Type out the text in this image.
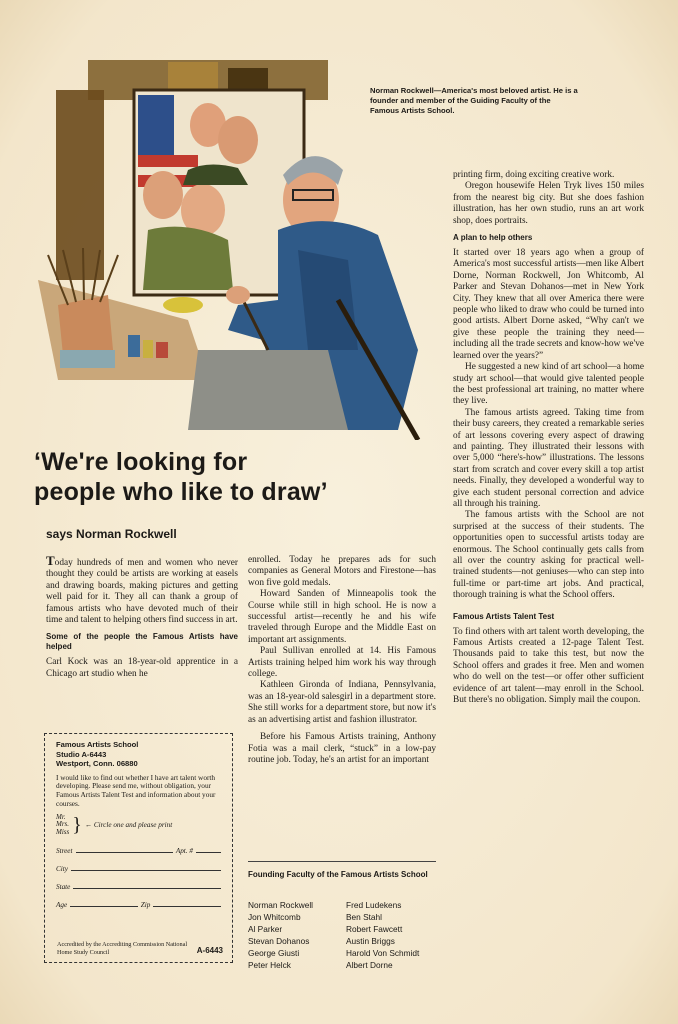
Norman Rockwell—America's most beloved artist. He is a founder and member of the Guiding Faculty of the Famous Artists School.
‘We're looking for
people who like to draw’
says Norman Rockwell

Today hundreds of men and women who never thought they could be artists are working at easels and drawing boards, making pictures and getting well paid for it. They all can thank a group of famous artists who have devoted much of their time and talent to helping others find success in art.

Some of the people the Famous Artists have helped

Carl Kock was an 18-year-old apprentice in a Chicago art studio when he

enrolled. Today he prepares ads for such companies as General Motors and Firestone—has won five gold medals.

Howard Sanden of Minneapolis took the Course while still in high school. He is now a successful artist—recently he and his wife traveled through Europe and the Middle East on important art assignments.

Paul Sullivan enrolled at 14. His Famous Artists training helped him work his way through college.

Kathleen Gironda of Indiana, Pennsylvania, was an 18-year-old salesgirl in a department store. She still works for a department store, but now it's as an advertising artist and fashion illustrator.

Before his Famous Artists training, Anthony Fotia was a mail clerk, “stuck” in a low-pay routine job. Today, he's an artist for an important

Founding Faculty of the Famous Artists School
Norman Rockwell
Jon Whitcomb
Al Parker
Stevan Dohanos
George Giusti
Peter Helck
Fred Ludekens
Ben Stahl
Robert Fawcett
Austin Briggs
Harold Von Schmidt
Albert Dorne

printing firm, doing exciting creative work.

Oregon housewife Helen Tryk lives 150 miles from the nearest big city. But she does fashion illustration, has her own studio, runs an art work shop, does portraits.

A plan to help others

It started over 18 years ago when a group of America's most successful artists—men like Albert Dorne, Norman Rockwell, Jon Whitcomb, Al Parker and Stevan Dohanos—met in New York City. They knew that all over America there were people who liked to draw who could be turned into good artists. Albert Dorne asked, “Why can't we give these people the training they need—including all the trade secrets and know-how we've learned over the years?”

He suggested a new kind of art school—a home study art school—that would give talented people the best professional art training, no matter where they live.

The famous artists agreed. Taking time from their busy careers, they created a remarkable series of art lessons covering every aspect of drawing and painting. They illustrated their lessons with over 5,000 “here's-how” illustrations. The lessons start from scratch and cover every skill a top artist needs. Finally, they developed a wonderful way to give each student personal correction and advice all through his training.

The famous artists with the School are not surprised at the success of their students. The opportunities open to successful artists today are enormous. The School continually gets calls from all over the country asking for practical well-trained students—not geniuses—who can step into full-time or part-time art jobs. And practical, thorough training is what the School offers.

Famous Artists Talent Test

To find others with art talent worth developing, the Famous Artists created a 12-page Talent Test. Thousands paid to take this test, but now the School offers and grades it free. Men and women who do well on the test—or offer other sufficient evidence of art talent—may enroll in the School. But there's no obligation. Simply mail the coupon.

Famous Artists School
Studio A-6443
Westport, Conn. 06880
I would like to find out whether I have art talent worth developing. Please send me, without obligation, your Famous Artists Talent Test and information about your courses.
Mr.
Mrs.
Miss } ← Circle one and please print
Street	Apt. #
City
State
Age	Zip
Accredited by the Accrediting Commission National Home Study Council	A-6443
